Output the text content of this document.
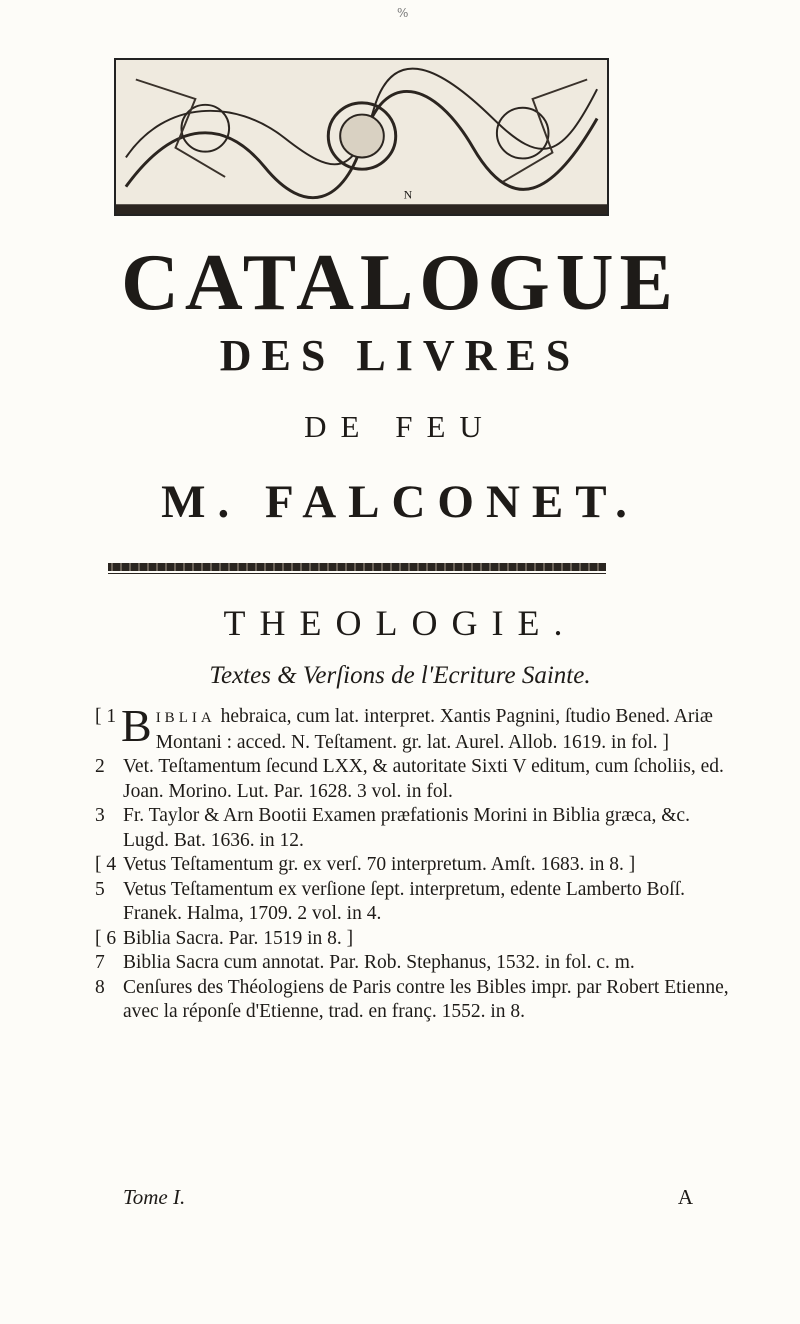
%
N
CATALOGUE
DES LIVRES
DE FEU
M. FALCONET.
THEOLOGIE.
Textes & Verſions de l'Ecriture Sainte.
[ 1 B IBLIA hebraica, cum lat. interpret. Xantis Pagnini, ſtudio Bened. Ariæ Montani : acced. N. Teſtament. gr. lat. Aurel. Allob. 1619. in fol. ]
2 Vet. Teſtamentum ſecund LXX, & autoritate Sixti V editum, cum ſcholiis, ed. Joan. Morino. Lut. Par. 1628. 3 vol. in fol.
3 Fr. Taylor & Arn Bootii Examen præfationis Morini in Biblia græca, &c. Lugd. Bat. 1636. in 12.
[ 4 Vetus Teſtamentum gr. ex verſ. 70 interpretum. Amſt. 1683. in 8. ]
5 Vetus Teſtamentum ex verſione ſept. interpretum, edente Lamberto Boſſ. Franek. Halma, 1709. 2 vol. in 4.
[ 6 Biblia Sacra. Par. 1519 in 8. ]
7 Biblia Sacra cum annotat. Par. Rob. Stephanus, 1532. in fol. c. m.
8 Cenſures des Théologiens de Paris contre les Bibles impr. par Robert Etienne, avec la réponſe d'Etienne, trad. en franç. 1552. in 8.
Tome I.	A
